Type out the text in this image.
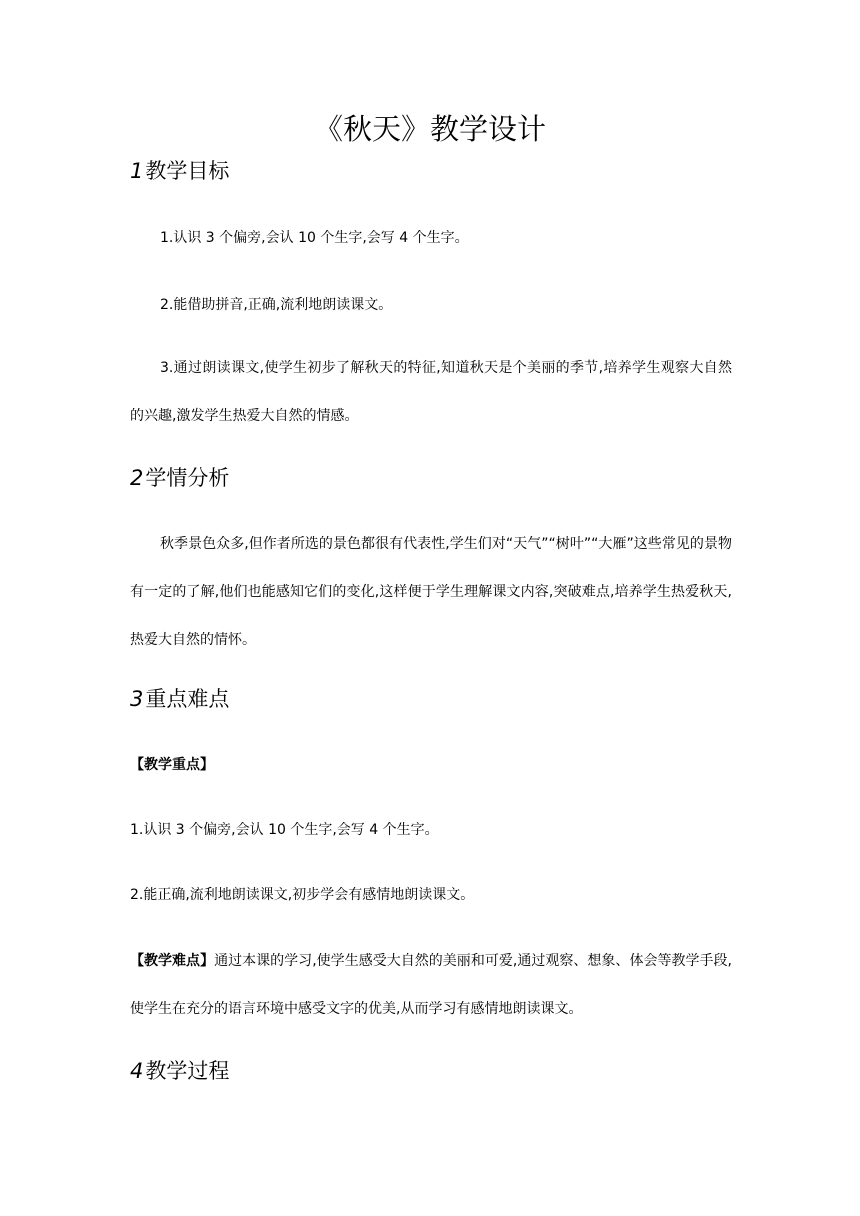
《秋天》教学设计
1教学目标
1.认识 3 个偏旁,会认 10 个生字,会写 4 个生字。
2.能借助拼音,正确,流利地朗读课文。
3.通过朗读课文,使学生初步了解秋天的特征,知道秋天是个美丽的季节,培养学生观察大自然的兴趣,激发学生热爱大自然的情感。
2学情分析
秋季景色众多,但作者所选的景色都很有代表性,学生们对“天气”“树叶”“大雁”这些常见的景物有一定的了解,他们也能感知它们的变化,这样便于学生理解课文内容,突破难点,培养学生热爱秋天,热爱大自然的情怀。
3重点难点
【教学重点】
1.认识 3 个偏旁,会认 10 个生字,会写 4 个生字。
2.能正确,流利地朗读课文,初步学会有感情地朗读课文。
【教学难点】通过本课的学习,使学生感受大自然的美丽和可爱,通过观察、想象、体会等教学手段,使学生在充分的语言环境中感受文字的优美,从而学习有感情地朗读课文。
4教学过程
